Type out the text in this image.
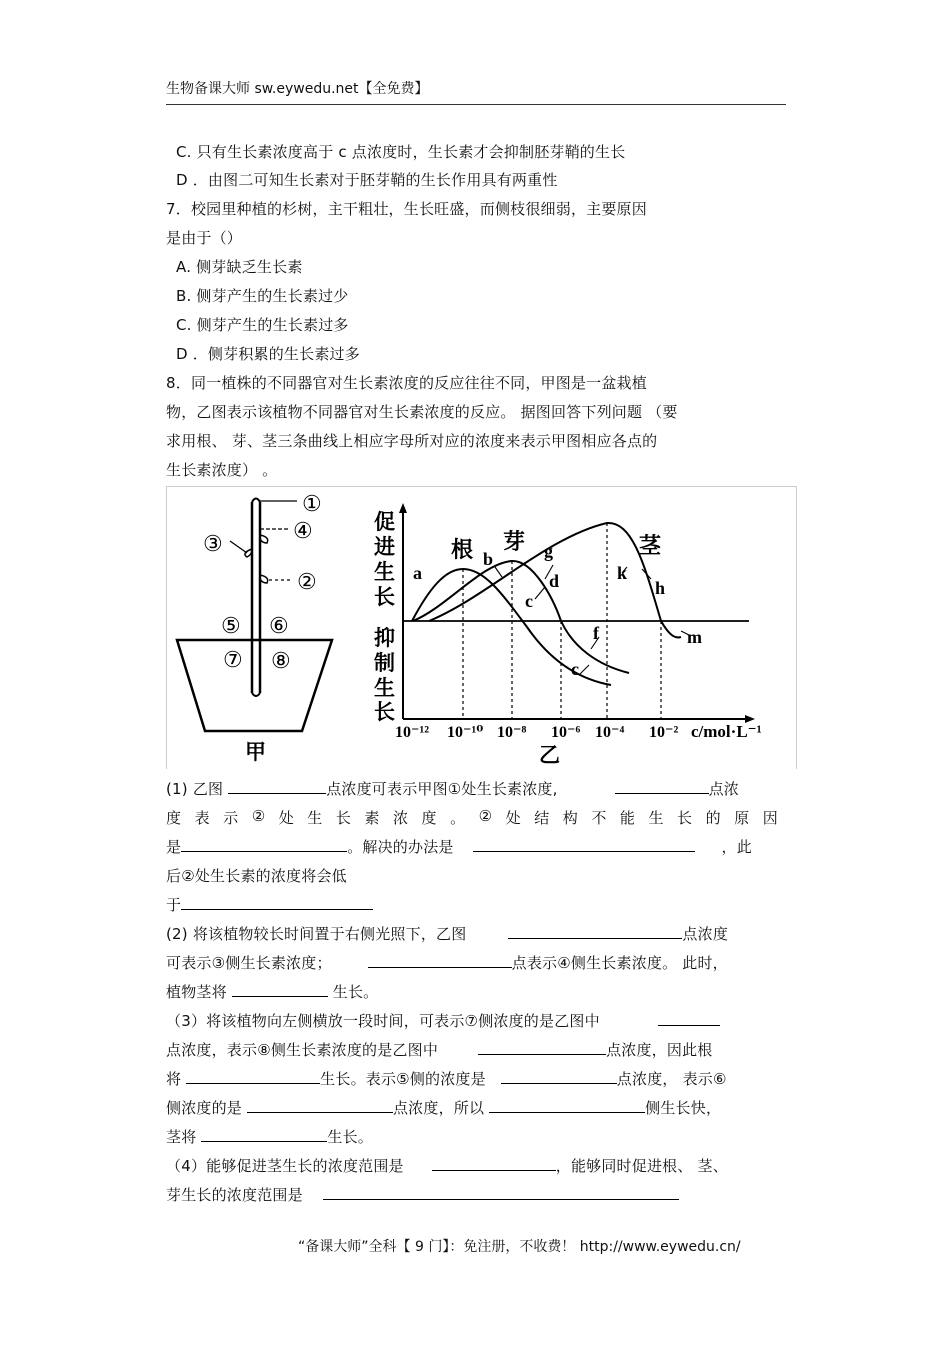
生物备课大师 sw.eywedu.net【全免费】
C. 只有生长素浓度高于 c 点浓度时，生长素才会抑制胚芽鞘的生长
D ．由图二可知生长素对于胚芽鞘的生长作用具有两重性
7．校园里种植的杉树，主干粗壮，生长旺盛，而侧枝很细弱，主要原因
是由于（）
A. 侧芽缺乏生长素
B. 侧芽产生的生长素过少
C. 侧芽产生的生长素过多
D ．侧芽积累的生长素过多
8．同一植株的不同器官对生长素浓度的反应往往不同，甲图是一盆栽植
物，乙图表示该植物不同器官对生长素浓度的反应。 据图回答下列问题 （要
求用根、 芽、茎三条曲线上相应字母所对应的浓度来表示甲图相应各点的
生长素浓度） 。
①
④
③
②
⑤ ⑥
⑦ ⑧
甲
根 芽	茎
a
b
c
d
g
f
c
k
h
m
促
进
生
长
抑
制
生
长
10⁻¹² 10⁻¹⁰ 10⁻⁸ 10⁻⁶ 10⁻⁴ 10⁻² c/mol·L⁻¹
乙
(1) 乙图	点浓度可表示甲图①处生长素浓度,	点浓
度 表 示 ② 处 生 长 素 浓 度 。 ② 处 结 构 不 能 生 长 的 原 因
是	。解决的办法是	，此
后②处生长素的浓度将会低
于
(2) 将该植物较长时间置于右侧光照下，乙图	点浓度
可表示③侧生长素浓度；	点表示④侧生长素浓度。 此时，
植物茎将	生长。
（3）将该植物向左侧横放一段时间，可表示⑦侧浓度的是乙图中
点浓度，表示⑧侧生长素浓度的是乙图中	点浓度，因此根
将	生长。表示⑤侧的浓度是	点浓度， 表示⑥
侧浓度的是	点浓度，所以	侧生长快，
茎将	生长。
（4）能够促进茎生长的浓度范围是	，能够同时促进根、 茎、
芽生长的浓度范围是
“备课大师”全科【 9 门】：免注册，不收费！ http://www.eywedu.cn/
